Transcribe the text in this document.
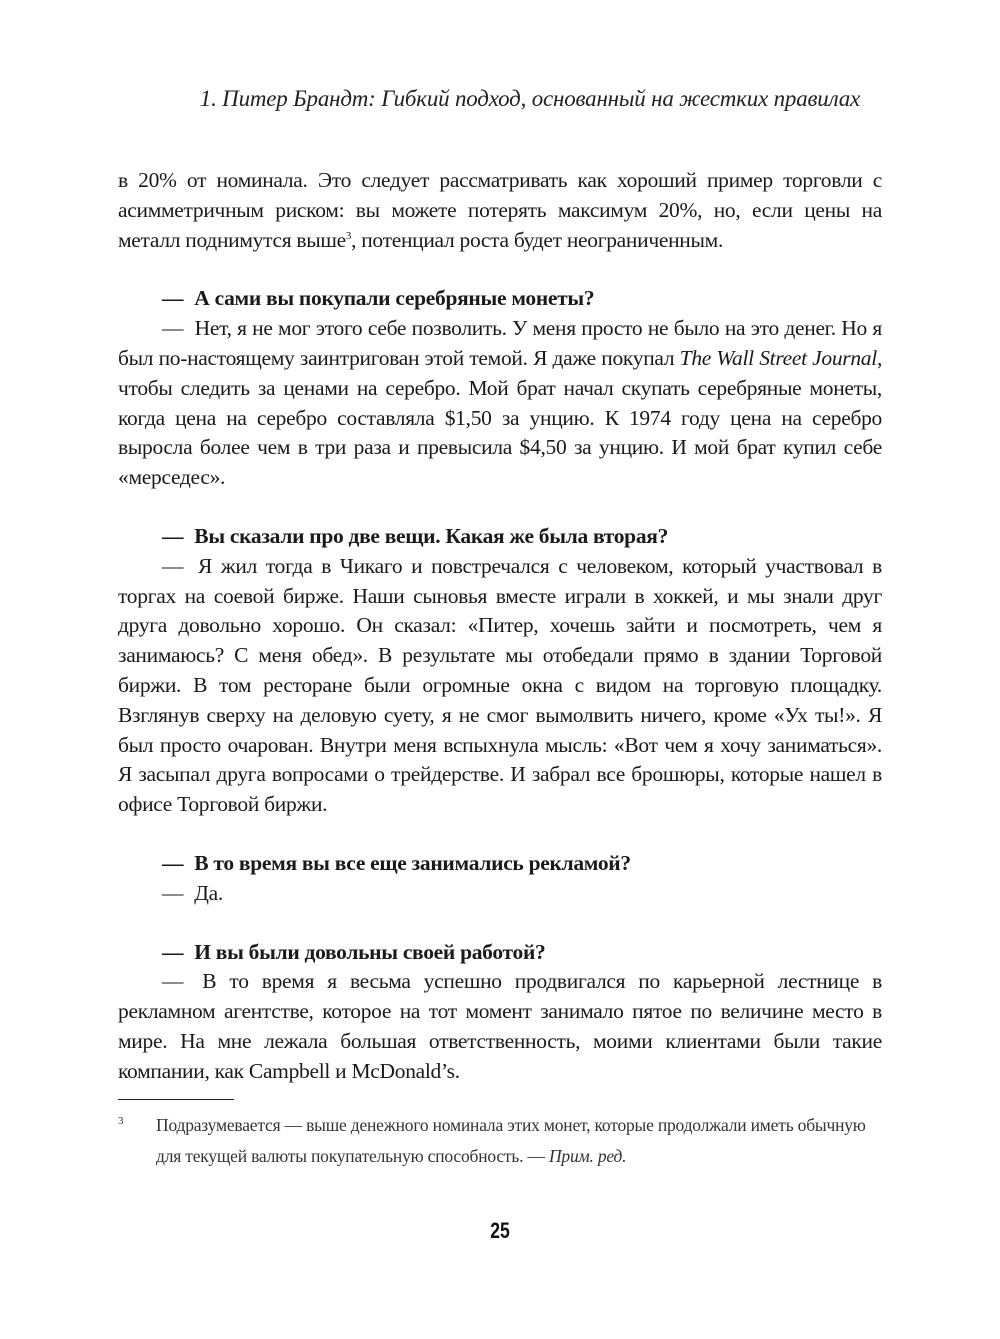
1. Питер Брандт: Гибкий подход, основанный на жестких правилах

в 20% от номинала. Это следует рассматривать как хороший пример торговли с асимметричным риском: вы можете потерять максимум 20%, но, если цены на металл поднимутся выше$^3$, потенциал роста будет неограниченным.

— А сами вы покупали серебряные монеты?

— Нет, я не мог этого себе позволить. У меня просто не было на это денег. Но я был по-настоящему заинтригован этой темой. Я даже покупал The Wall Street Journal, чтобы следить за ценами на серебро. Мой брат начал скупать серебряные монеты, когда цена на серебро составляла $1,50 за унцию. К 1974 году цена на серебро выросла более чем в три раза и превысила $4,50 за унцию. И мой брат купил себе «мерседес».

— Вы сказали про две вещи. Какая же была вторая?

— Я жил тогда в Чикаго и повстречался с человеком, который участвовал в торгах на соевой бирже. Наши сыновья вместе играли в хоккей, и мы знали друг друга довольно хорошо. Он сказал: «Питер, хочешь зайти и посмотреть, чем я занимаюсь? С меня обед». В результате мы отобедали прямо в здании Торговой биржи. В том ресторане были огромные окна с видом на торговую площадку. Взглянув сверху на деловую суету, я не смог вымолвить ничего, кроме «Ух ты!». Я был просто очарован. Внутри меня вспыхнула мысль: «Вот чем я хочу заниматься». Я засыпал друга вопросами о трейдерстве. И забрал все брошюры, которые нашел в офисе Торговой биржи.

— В то время вы все еще занимались рекламой?

— Да.

— И вы были довольны своей работой?

— В то время я весьма успешно продвигался по карьерной лестнице в рекламном агентстве, которое на тот момент занимало пятое по величине место в мире. На мне лежала большая ответственность, моими клиентами были такие компании, как Campbell и McDonald’s.

3 Подразумевается — выше денежного номинала этих монет, которые продолжали иметь обычную для текущей валюты покупательную способность. — Прим. ред.
25
